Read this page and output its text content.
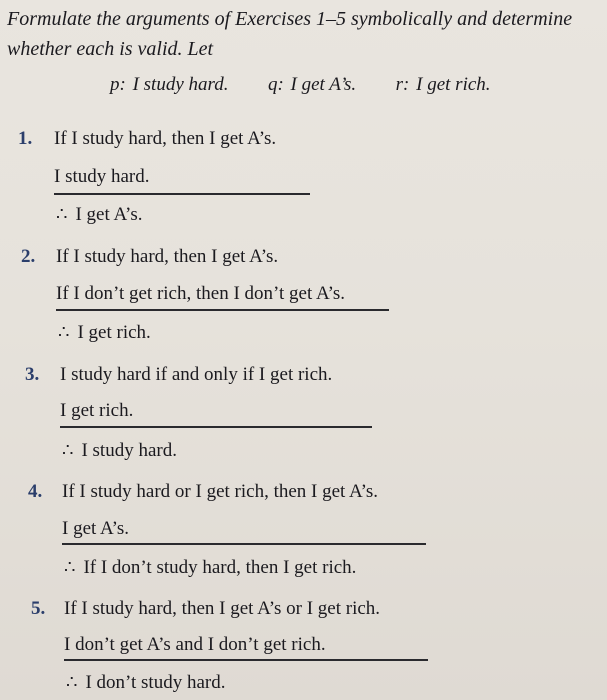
Formulate the arguments of Exercises 1–5 symbolically and determine whether each is valid. Let
p: I study hard. q: I get A’s. r: I get rich.
1. If I study hard, then I get A’s.
I study hard.
∴ I get A’s.
2. If I study hard, then I get A’s.
If I don’t get rich, then I don’t get A’s.
∴ I get rich.
3. I study hard if and only if I get rich.
I get rich.
∴ I study hard.
4. If I study hard or I get rich, then I get A’s.
I get A’s.
∴ If I don’t study hard, then I get rich.
5. If I study hard, then I get A’s or I get rich.
I don’t get A’s and I don’t get rich.
∴ I don’t study hard.
